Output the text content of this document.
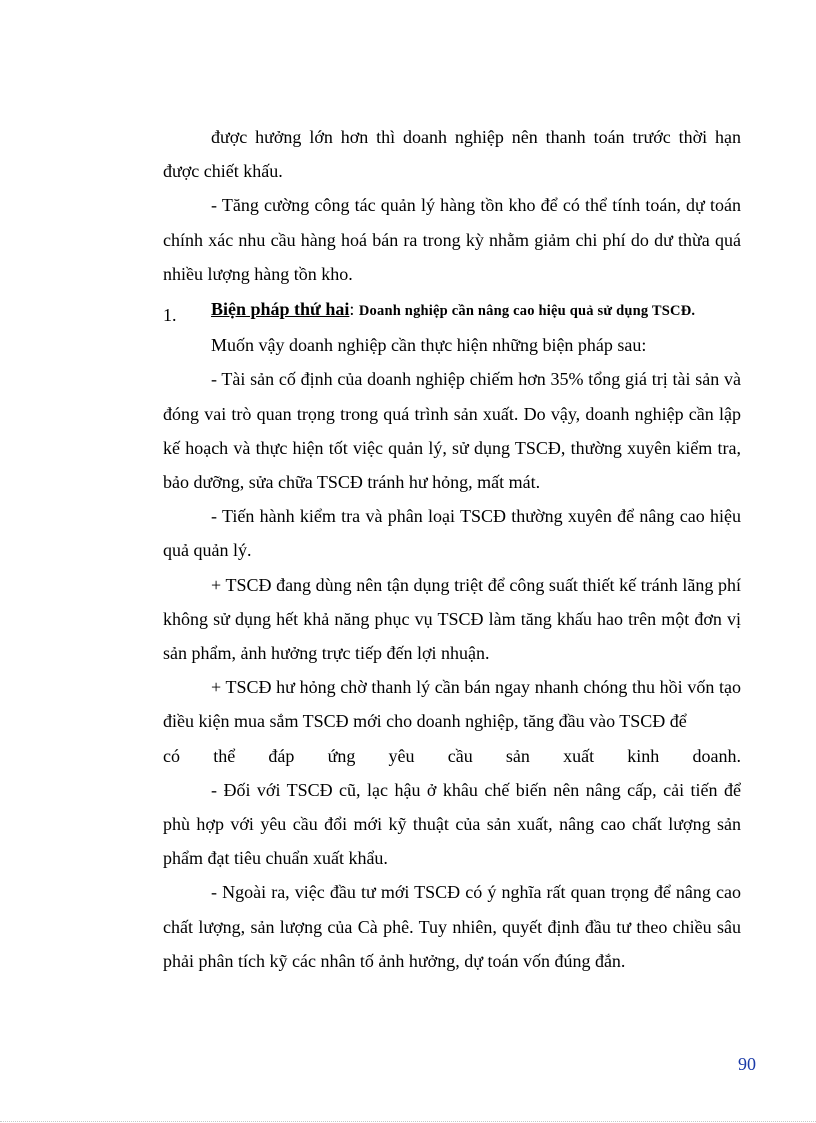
được hưởng lớn hơn thì doanh nghiệp nên thanh toán trước thời hạn được chiết khấu.

- Tăng cường công tác quản lý hàng tồn kho để có thể tính toán, dự toán chính xác nhu cầu hàng hoá bán ra trong kỳ nhằm giảm chi phí do dư thừa quá nhiều lượng hàng tồn kho.

1.	Biện pháp thứ hai: Doanh nghiệp cần nâng cao hiệu quả sử dụng TSCĐ.

Muốn vậy doanh nghiệp cần thực hiện những biện pháp sau:

- Tài sản cố định của doanh nghiệp chiếm hơn 35% tổng giá trị tài sản và đóng vai trò quan trọng trong quá trình sản xuất. Do vậy, doanh nghiệp cần lập kế hoạch và thực hiện tốt việc quản lý, sử dụng TSCĐ, thường xuyên kiểm tra, bảo dưỡng, sửa chữa TSCĐ tránh hư hỏng, mất mát.

- Tiến hành kiểm tra và phân loại TSCĐ thường xuyên để nâng cao hiệu quả quản lý.

+ TSCĐ đang dùng nên tận dụng triệt để công suất thiết kế tránh lãng phí không sử dụng hết khả năng phục vụ TSCĐ làm tăng khấu hao trên một đơn vị sản phẩm, ảnh hưởng trực tiếp đến lợi nhuận.

+ TSCĐ hư hỏng chờ thanh lý cần bán ngay nhanh chóng thu hồi vốn tạo điều kiện mua sắm TSCĐ mới cho doanh nghiệp, tăng đầu vào TSCĐ để

có thể đáp ứng yêu cầu sản xuất kinh doanh.

- Đối với TSCĐ cũ, lạc hậu ở khâu chế biến nên nâng cấp, cải tiến để phù hợp với yêu cầu đổi mới kỹ thuật của sản xuất, nâng cao chất lượng sản phẩm đạt tiêu chuẩn xuất khẩu.

- Ngoài ra, việc đầu tư mới TSCĐ có ý nghĩa rất quan trọng để nâng cao chất lượng, sản lượng của Cà phê. Tuy nhiên, quyết định đầu tư theo chiều sâu phải phân tích kỹ các nhân tố ảnh hưởng, dự toán vốn đúng đắn.

90
